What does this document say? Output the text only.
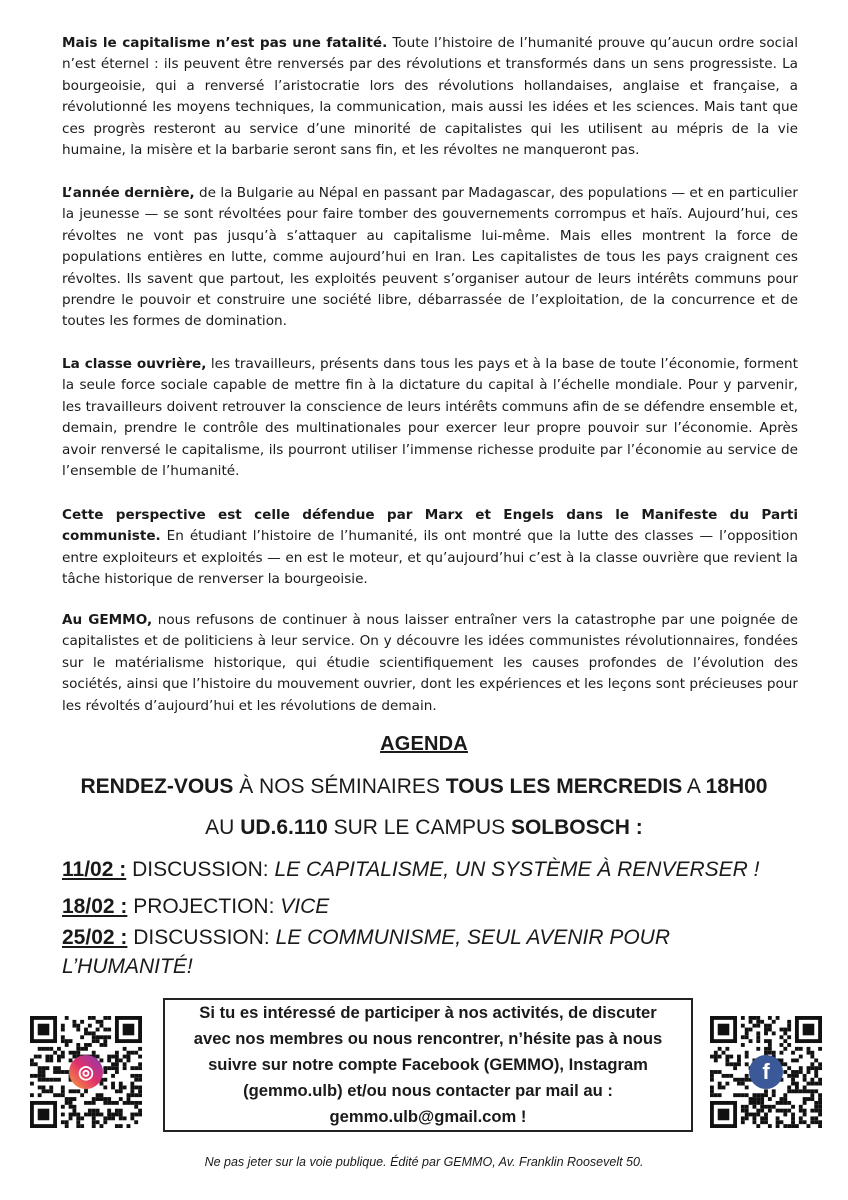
Mais le capitalisme n’est pas une fatalité. Toute l’histoire de l’humanité prouve qu’aucun ordre social n’est éternel : ils peuvent être renversés par des révolutions et transformés dans un sens progressiste. La bourgeoisie, qui a renversé l’aristocratie lors des révolutions hollandaises, anglaise et française, a révolutionné les moyens techniques, la communication, mais aussi les idées et les sciences. Mais tant que ces progrès resteront au service d’une minorité de capitalistes qui les utilisent au mépris de la vie humaine, la misère et la barbarie seront sans fin, et les révoltes ne manqueront pas.

L’année dernière, de la Bulgarie au Népal en passant par Madagascar, des populations — et en particulier la jeunesse — se sont révoltées pour faire tomber des gouvernements corrompus et haïs. Aujourd’hui, ces révoltes ne vont pas jusqu’à s’attaquer au capitalisme lui-même. Mais elles montrent la force de populations entières en lutte, comme aujourd’hui en Iran. Les capitalistes de tous les pays craignent ces révoltes. Ils savent que partout, les exploités peuvent s’organiser autour de leurs intérêts communs pour prendre le pouvoir et construire une société libre, débarrassée de l’exploitation, de la concurrence et de toutes les formes de domination.

La classe ouvrière, les travailleurs, présents dans tous les pays et à la base de toute l’économie, forment la seule force sociale capable de mettre fin à la dictature du capital à l’échelle mondiale. Pour y parvenir, les travailleurs doivent retrouver la conscience de leurs intérêts communs afin de se défendre ensemble et, demain, prendre le contrôle des multinationales pour exercer leur propre pouvoir sur l’économie. Après avoir renversé le capitalisme, ils pourront utiliser l’immense richesse produite par l’économie au service de l’ensemble de l’humanité.

Cette perspective est celle défendue par Marx et Engels dans le Manifeste du Parti communiste. En étudiant l’histoire de l’humanité, ils ont montré que la lutte des classes — l’opposition entre exploiteurs et exploités — en est le moteur, et qu’aujourd’hui c’est à la classe ouvrière que revient la tâche historique de renverser la bourgeoisie.

Au GEMMO, nous refusons de continuer à nous laisser entraîner vers la catastrophe par une poignée de capitalistes et de politiciens à leur service. On y découvre les idées communistes révolutionnaires, fondées sur le matérialisme historique, qui étudie scientifiquement les causes profondes de l’évolution des sociétés, ainsi que l’histoire du mouvement ouvrier, dont les expériences et les leçons sont précieuses pour les révoltés d’aujourd’hui et les révolutions de demain.

AGENDA
RENDEZ-VOUS À NOS SÉMINAIRES TOUS LES MERCREDIS A 18H00
AU UD.6.110 SUR LE CAMPUS SOLBOSCH :
11/02 : DISCUSSION: LE CAPITALISME, UN SYSTÈME À RENVERSER !
18/02 : PROJECTION: VICE
25/02 : DISCUSSION: LE COMMUNISME, SEUL AVENIR POUR L’HUMANITÉ!
◎
Si tu es intéressé de participer à nos activités, de discuter avec nos membres ou nous rencontrer, n’hésite pas à nous suivre sur notre compte Facebook (GEMMO), Instagram (gemmo.ulb) et/ou nous contacter par mail au : gemmo.ulb@gmail.com !
f
Ne pas jeter sur la voie publique. Édité par GEMMO, Av. Franklin Roosevelt 50.
